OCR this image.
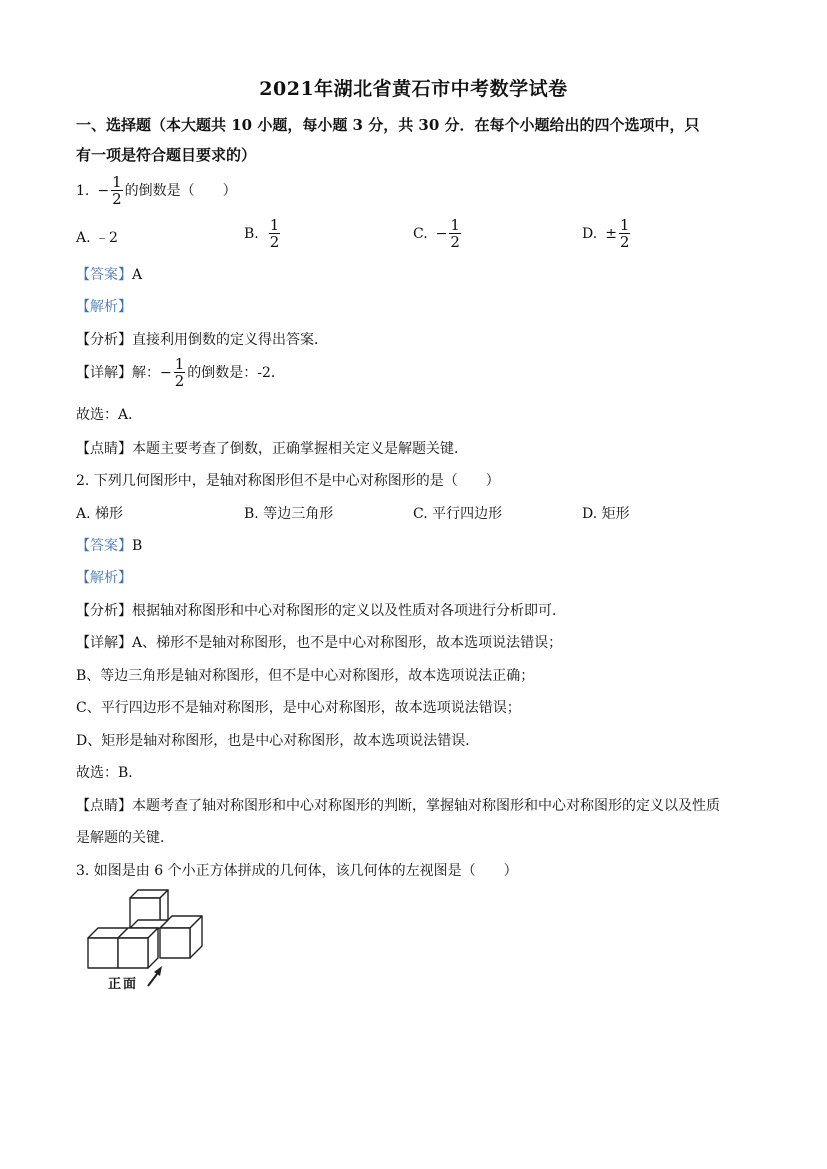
2021年湖北省黄石市中考数学试卷
一、选择题（本大题共 10 小题，每小题 3 分，共 30 分．在每个小题给出的四个选项中，只
有一项是符合题目要求的）
1. − $\frac{1}{2}$ 的倒数是（　　）
A. ﹣2	B. $\frac{1}{2}$	C. − $\frac{1}{2}$	D. ± $\frac{1}{2}$
【答案】A
【解析】
【分析】直接利用倒数的定义得出答案．
【详解】 解： − $\frac{1}{2}$ 的倒数是：-2．
故选：A．
【点睛】本题主要考查了倒数，正确掌握相关定义是解题关键．
2. 下列几何图形中，是轴对称图形但不是中心对称图形的是（　　）
A. 梯形	B. 等边三角形	C. 平行四边形	D. 矩形
【答案】B
【解析】
【分析】根据轴对称图形和中心对称图形的定义以及性质对各项进行分析即可．
【详解】A、梯形不是轴对称图形，也不是中心对称图形，故本选项说法错误；
B、等边三角形是轴对称图形，但不是中心对称图形，故本选项说法正确；
C、平行四边形不是轴对称图形，是中心对称图形，故本选项说法错误；
D、矩形是轴对称图形，也是中心对称图形，故本选项说法错误．
故选：B．
【点睛】本题考查了轴对称图形和中心对称图形的判断，掌握轴对称图形和中心对称图形的定义以及性质
是解题的关键．
3. 如图是由 6 个小正方体拼成的几何体，该几何体的左视图是（　　）
正面
